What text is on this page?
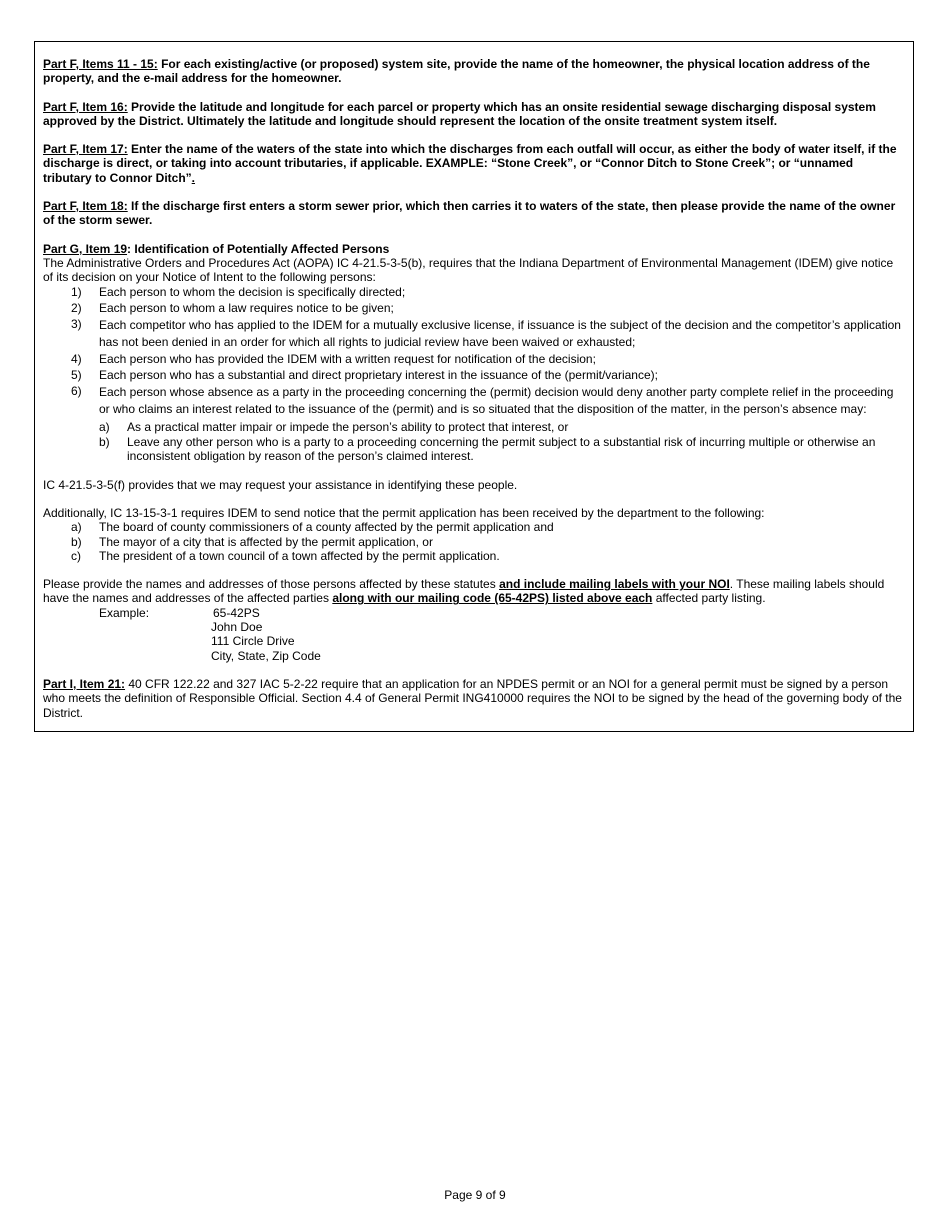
Part F, Items 11 - 15: For each existing/active (or proposed) system site, provide the name of the homeowner, the physical location address of the property, and the e-mail address for the homeowner.

Part F, Item 16: Provide the latitude and longitude for each parcel or property which has an onsite residential sewage discharging disposal system approved by the District. Ultimately the latitude and longitude should represent the location of the onsite treatment system itself.

Part F, Item 17: Enter the name of the waters of the state into which the discharges from each outfall will occur, as either the body of water itself, if the discharge is direct, or taking into account tributaries, if applicable. EXAMPLE: “Stone Creek”, or “Connor Ditch to Stone Creek”; or “unnamed tributary to Connor Ditch”.

Part F, Item 18: If the discharge first enters a storm sewer prior, which then carries it to waters of the state, then please provide the name of the owner of the storm sewer.

Part G, Item 19: Identification of Potentially Affected Persons

The Administrative Orders and Procedures Act (AOPA) IC 4-21.5-3-5(b), requires that the Indiana Department of Environmental Management (IDEM) give notice of its decision on your Notice of Intent to the following persons:

1)	Each person to whom the decision is specifically directed;
2)	Each person to whom a law requires notice to be given;
3)	Each competitor who has applied to the IDEM for a mutually exclusive license, if issuance is the subject of the decision and the competitor’s application has not been denied in an order for which all rights to judicial review have been waived or exhausted;
4)	Each person who has provided the IDEM with a written request for notification of the decision;
5)	Each person who has a substantial and direct proprietary interest in the issuance of the (permit/variance);
6)	Each person whose absence as a party in the proceeding concerning the (permit) decision would deny another party complete relief in the proceeding or who claims an interest related to the issuance of the (permit) and is so situated that the disposition of the matter, in the person’s absence may:
a)	As a practical matter impair or impede the person’s ability to protect that interest, or
b)	Leave any other person who is a party to a proceeding concerning the permit subject to a substantial risk of incurring multiple or otherwise an inconsistent obligation by reason of the person’s claimed interest.

IC 4-21.5-3-5(f) provides that we may request your assistance in identifying these people.

Additionally, IC 13-15-3-1 requires IDEM to send notice that the permit application has been received by the department to the following:

a)	The board of county commissioners of a county affected by the permit application and
b)	The mayor of a city that is affected by the permit application, or
c)	The president of a town council of a town affected by the permit application.

Please provide the names and addresses of those persons affected by these statutes and include mailing labels with your NOI. These mailing labels should have the names and addresses of the affected parties along with our mailing code (65-42PS) listed above each affected party listing.

Example:	65-42PS

John Doe

111 Circle Drive

City, State, Zip Code

Part I, Item 21: 40 CFR 122.22 and 327 IAC 5-2-22 require that an application for an NPDES permit or an NOI for a general permit must be signed by a person who meets the definition of Responsible Official. Section 4.4 of General Permit ING410000 requires the NOI to be signed by the head of the governing body of the District.

Page 9 of 9
